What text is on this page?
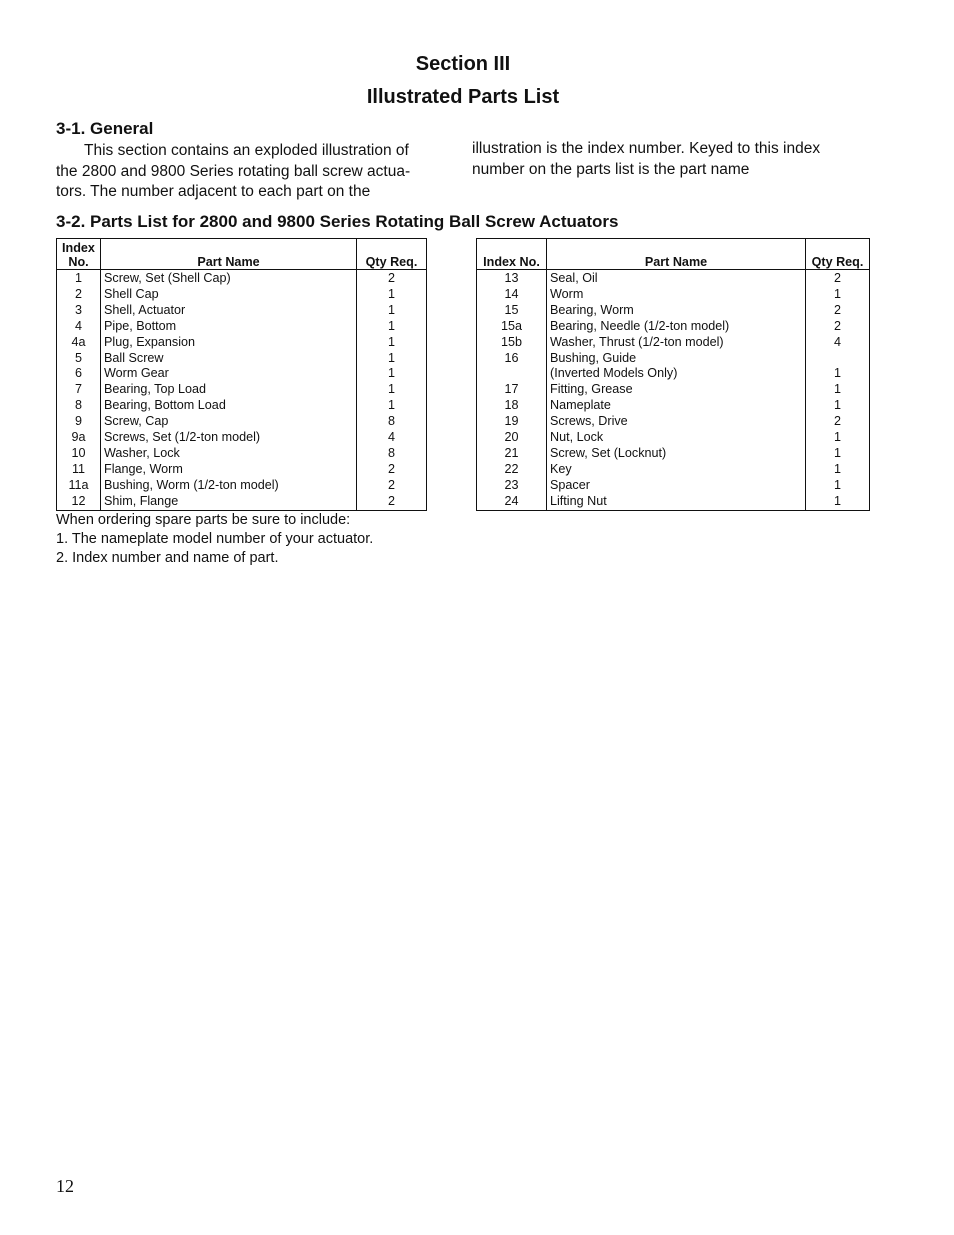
Section III
Illustrated Parts List
3-1. General
This section contains an exploded illustration of
the 2800 and 9800 Series rotating ball screw actua-
tors. The number adjacent to each part on the
illustration is the index number. Keyed to this index
number on the parts list is the part name
3-2. Parts List for 2800 and 9800 Series Rotating Ball Screw Actuators
Index
No.	Part Name	Qty Req.
1	Screw, Set (Shell Cap)	2
2	Shell Cap	1
3	Shell, Actuator	1
4	Pipe, Bottom	1
4a	Plug, Expansion	1
5	Ball Screw	1
6	Worm Gear	1
7	Bearing, Top Load	1
8	Bearing, Bottom Load	1
9	Screw, Cap	8
9a	Screws, Set (1/2-ton model)	4
10	Washer, Lock	8
11	Flange, Worm	2
11a	Bushing, Worm (1/2-ton model)	2
12	Shim, Flange	2
Index No.	Part Name	Qty Req.
13	Seal, Oil	2
14	Worm	1
15	Bearing, Worm	2
15a	Bearing, Needle (1/2-ton model)	2
15b	Washer, Thrust (1/2-ton model)	4
16	Bushing, Guide	
	(Inverted Models Only)	1
17	Fitting, Grease	1
18	Nameplate	1
19	Screws, Drive	2
20	Nut, Lock	1
21	Screw, Set (Locknut)	1
22	Key	1
23	Spacer	1
24	Lifting Nut	1
When ordering spare parts be sure to include:
1. The nameplate model number of your actuator.
2. Index number and name of part.
12
